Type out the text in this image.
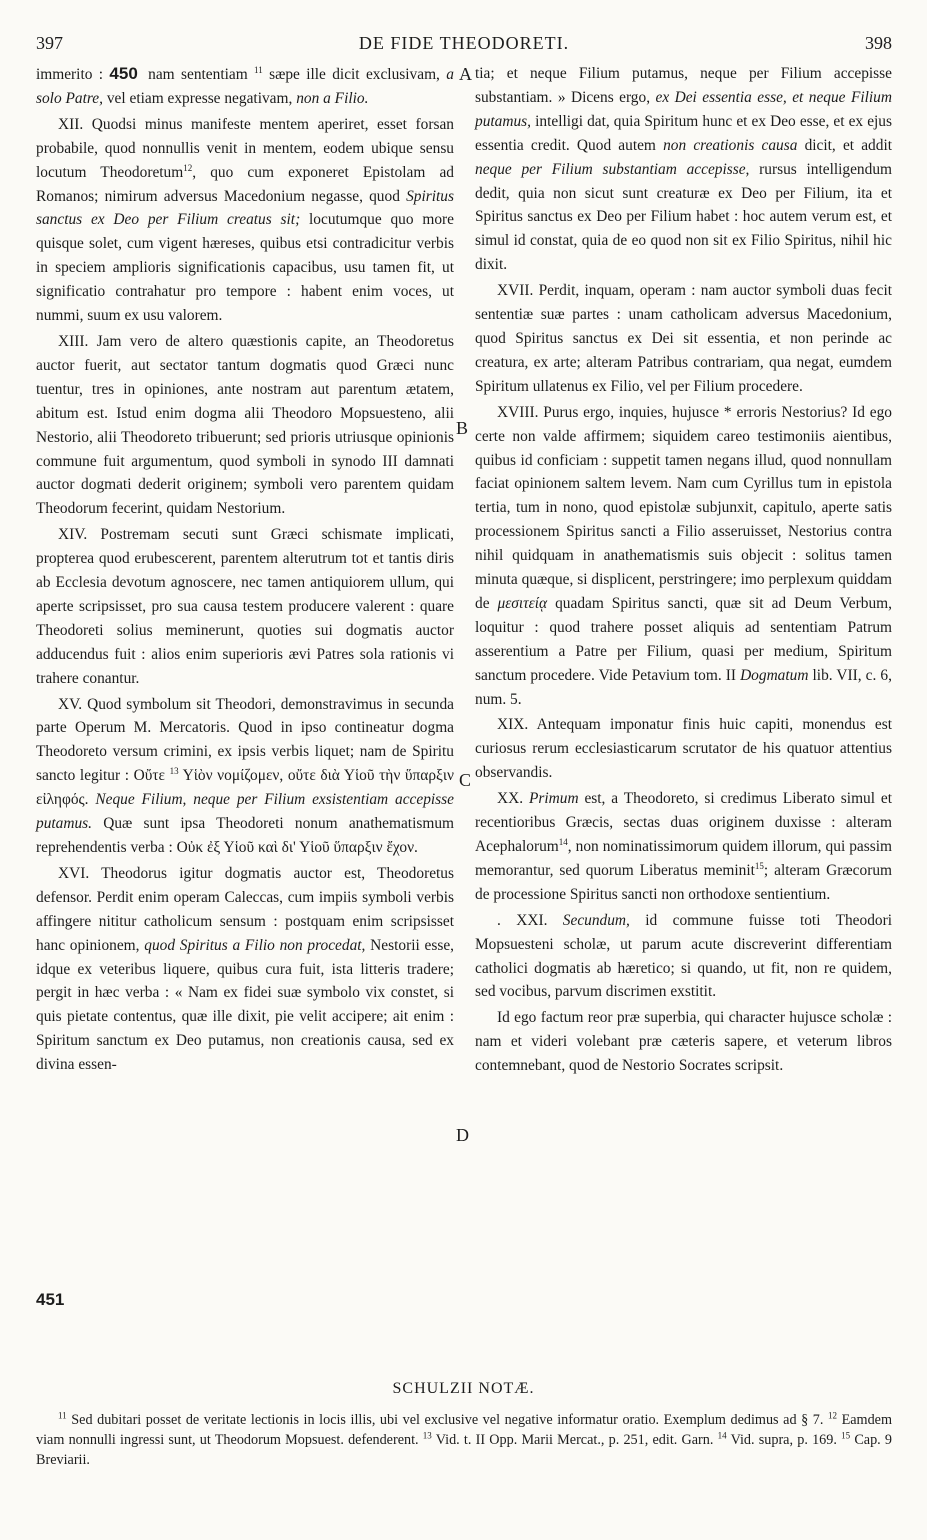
397	DE FIDE THEODORETI.	398
A
B
C
D
451

immerito : 450 nam sententiam $^{11}$ sæpe ille dicit exclusivam, a solo Patre, vel etiam expresse negativam, non a Filio.

XII. Quodsi minus manifeste mentem aperiret, esset forsan probabile, quod nonnullis venit in mentem, eodem ubique sensu locutum Theodoretum$^{12}$, quo cum exponeret Epistolam ad Romanos; nimirum adversus Macedonium negasse, quod Spiritus sanctus ex Deo per Filium creatus sit; locutumque quo more quisque solet, cum vigent hæreses, quibus etsi contradicitur verbis in speciem amplioris significationis capacibus, usu tamen fit, ut significatio contrahatur pro tempore : habent enim voces, ut nummi, suum ex usu valorem.

XIII. Jam vero de altero quæstionis capite, an Theodoretus auctor fuerit, aut sectator tantum dogmatis quod Græci nunc tuentur, tres in opiniones, ante nostram aut parentum ætatem, abitum est. Istud enim dogma alii Theodoro Mopsuesteno, alii Nestorio, alii Theodoreto tribuerunt; sed prioris utriusque opinionis commune fuit argumentum, quod symboli in synodo III damnati auctor dogmati dederit originem; symboli vero parentem quidam Theodorum fecerint, quidam Nestorium.

XIV. Postremam secuti sunt Græci schismate implicati, propterea quod erubescerent, parentem alterutrum tot et tantis diris ab Ecclesia devotum agnoscere, nec tamen antiquiorem ullum, qui aperte scripsisset, pro sua causa testem producere valerent : quare Theodoreti solius meminerunt, quoties sui dogmatis auctor adducendus fuit : alios enim superioris ævi Patres sola rationis vi trahere conantur.

XV. Quod symbolum sit Theodori, demonstravimus in secunda parte Operum M. Mercatoris. Quod in ipso contineatur dogma Theodoreto versum crimini, ex ipsis verbis liquet; nam de Spiritu sancto legitur : Οὔτε $^{13}$ Υἱὸν νομίζομεν, οὔτε διὰ Υἱοῦ τὴν ὕπαρξιν εἰληφός. Neque Filium, neque per Filium exsistentiam accepisse putamus. Quæ sunt ipsa Theodoreti nonum anathematismum reprehendentis verba : Οὐκ ἐξ Υἱοῦ καὶ δι' Υἱοῦ ὕπαρξιν ἔχον.

XVI. Theodorus igitur dogmatis auctor est, Theodoretus defensor. Perdit enim operam Caleccas, cum impiis symboli verbis affingere nititur catholicum sensum : postquam enim scripsisset hanc opinionem, quod Spiritus a Filio non procedat, Nestorii esse, idque ex veteribus liquere, quibus cura fuit, ista litteris tradere; pergit in hæc verba : « Nam ex fidei suæ symbolo vix constet, si quis pietate contentus, quæ ille dixit, pie velit accipere; ait enim : Spiritum sanctum ex Deo putamus, non creationis causa, sed ex divina essen-

tia; et neque Filium putamus, neque per Filium accepisse substantiam. » Dicens ergo, ex Dei essentia esse, et neque Filium putamus, intelligi dat, quia Spiritum hunc et ex Deo esse, et ex ejus essentia credit. Quod autem non creationis causa dicit, et addit neque per Filium substantiam accepisse, rursus intelligendum dedit, quia non sicut sunt creaturæ ex Deo per Filium, ita et Spiritus sanctus ex Deo per Filium habet : hoc autem verum est, et simul id constat, quia de eo quod non sit ex Filio Spiritus, nihil hic dixit.

XVII. Perdit, inquam, operam : nam auctor symboli duas fecit sententiæ suæ partes : unam catholicam adversus Macedonium, quod Spiritus sanctus ex Dei sit essentia, et non perinde ac creatura, ex arte; alteram Patribus contrariam, qua negat, eumdem Spiritum ullatenus ex Filio, vel per Filium procedere.

XVIII. Purus ergo, inquies, hujusce * erroris Nestorius? Id ego certe non valde affirmem; siquidem careo testimoniis aientibus, quibus id conficiam : suppetit tamen negans illud, quod nonnullam faciat opinionem saltem levem. Nam cum Cyrillus tum in epistola tertia, tum in nono, quod epistolæ subjunxit, capitulo, aperte satis processionem Spiritus sancti a Filio asseruisset, Nestorius contra nihil quidquam in anathematismis suis objecit : solitus tamen minuta quæque, si displicent, perstringere; imo perplexum quiddam de μεσιτείᾳ quadam Spiritus sancti, quæ sit ad Deum Verbum, loquitur : quod trahere posset aliquis ad sententiam Patrum asserentium a Patre per Filium, quasi per medium, Spiritum sanctum procedere. Vide Petavium tom. II Dogmatum lib. VII, c. 6, num. 5.

XIX. Antequam imponatur finis huic capiti, monendus est curiosus rerum ecclesiasticarum scrutator de his quatuor attentius observandis.

XX. Primum est, a Theodoreto, si credimus Liberato simul et recentioribus Græcis, sectas duas originem duxisse : alteram Acephalorum$^{14}$, non nominatissimorum quidem illorum, qui passim memorantur, sed quorum Liberatus meminit$^{15}$; alteram Græcorum de processione Spiritus sancti non orthodoxe sentientium.

. XXI. Secundum, id commune fuisse toti Theodori Mopsuesteni scholæ, ut parum acute discreverint differentiam catholici dogmatis ab hæretico; si quando, ut fit, non re quidem, sed vocibus, parvum discrimen exstitit.

Id ego factum reor præ superbia, qui character hujusce scholæ : nam et videri volebant præ cæteris sapere, et veterum libros contemnebant, quod de Nestorio Socrates scripsit.

SCHULZII NOTÆ.
$^{11}$ Sed dubitari posset de veritate lectionis in locis illis, ubi vel exclusive vel negative informatur oratio. Exemplum dedimus ad § 7. $^{12}$ Eamdem viam nonnulli ingressi sunt, ut Theodorum Mopsuest. defenderent. $^{13}$ Vid. t. II Opp. Marii Mercat., p. 251, edit. Garn. $^{14}$ Vid. supra, p. 169. $^{15}$ Cap. 9 Breviarii.
